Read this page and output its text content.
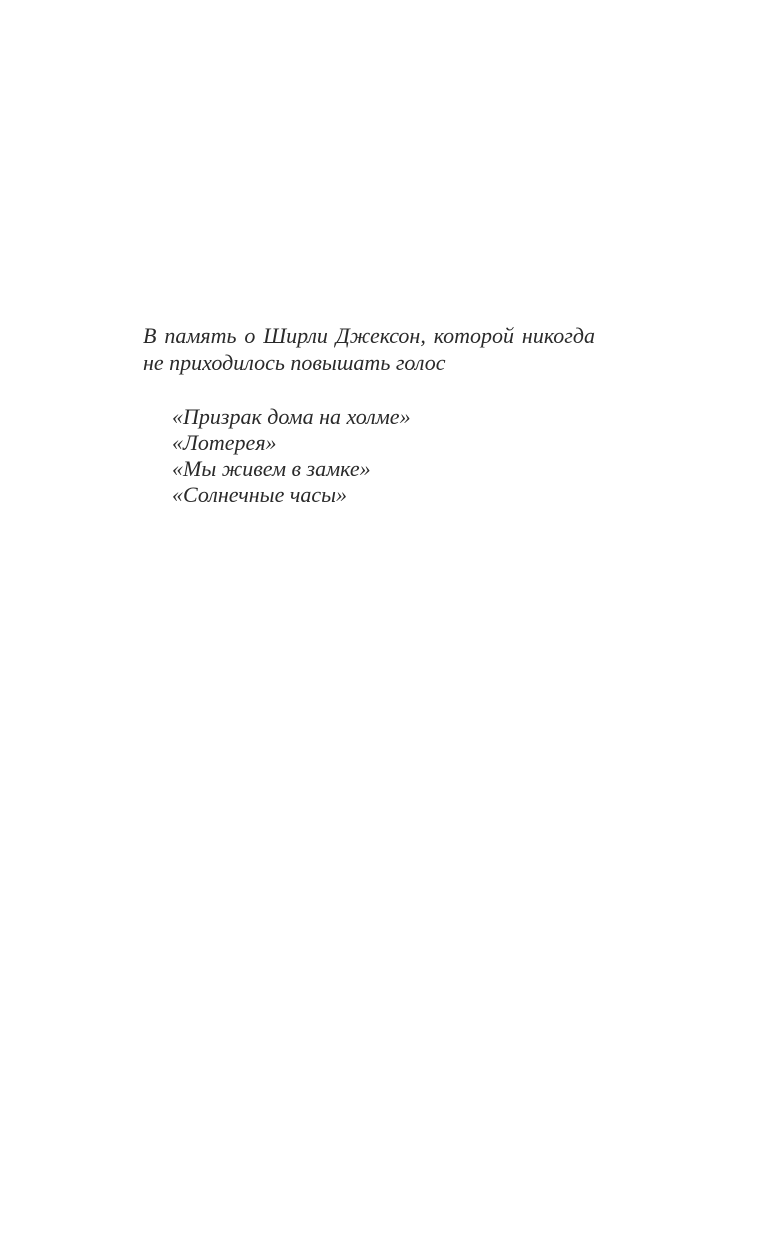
В память о Ширли Джексон, которой никогда
не приходилось повышать голос
«Призрак дома на холме»
«Лотерея»
«Мы живем в замке»
«Солнечные часы»
